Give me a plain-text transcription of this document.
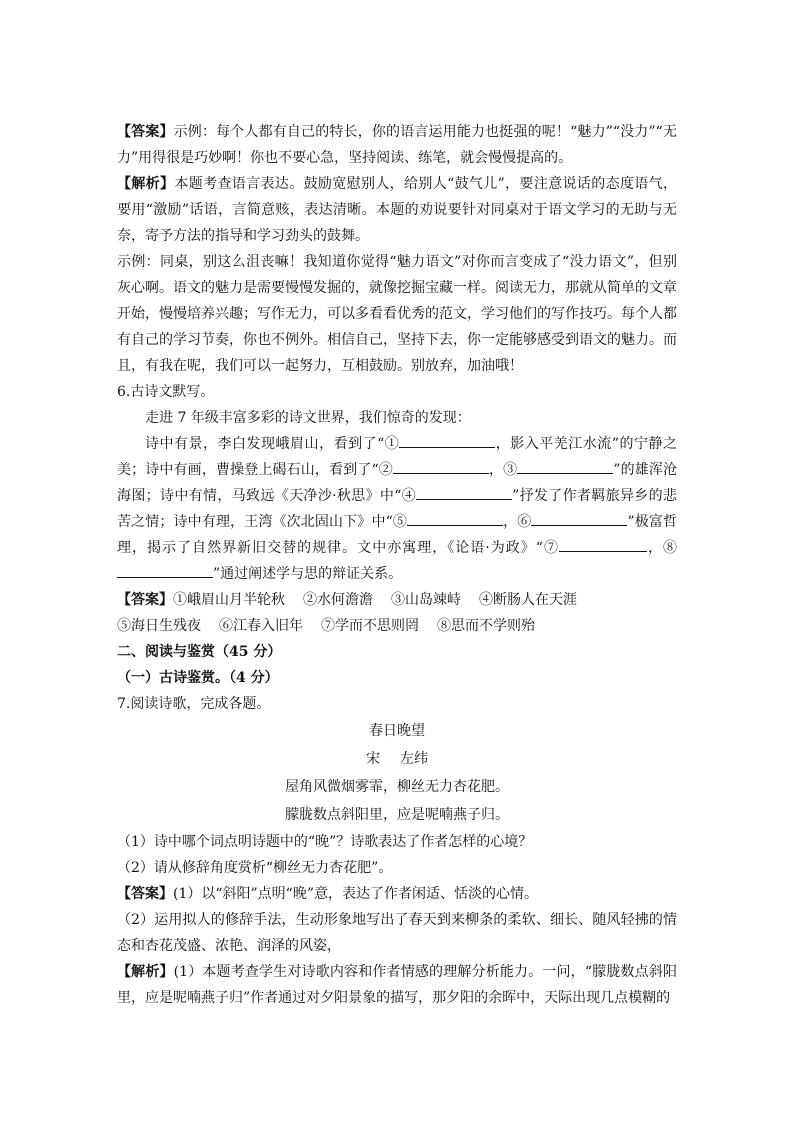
【答案】示例：每个人都有自己的特长，你的语言运用能力也挺强的呢！“魅力”“没力”“无力”用得很是巧妙啊！你也不要心急，坚持阅读、练笔，就会慢慢提高的。

【解析】本题考查语言表达。鼓励宽慰别人，给别人“鼓气儿”，要注意说话的态度语气，要用“激励”话语，言简意赅，表达清晰。本题的劝说要针对同桌对于语文学习的无助与无奈，寄予方法的指导和学习劲头的鼓舞。

示例：同桌，别这么沮丧嘛！我知道你觉得“魅力语文”对你而言变成了“没力语文”，但别灰心啊。语文的魅力是需要慢慢发掘的，就像挖掘宝藏一样。阅读无力，那就从简单的文章开始，慢慢培养兴趣；写作无力，可以多看看优秀的范文，学习他们的写作技巧。每个人都有自己的学习节奏，你也不例外。相信自己，坚持下去，你一定能够感受到语文的魅力。而且，有我在呢，我们可以一起努力，互相鼓励。别放弃，加油哦！

6.古诗文默写。

走进 7 年级丰富多彩的诗文世界，我们惊奇的发现：

诗中有景，李白发现峨眉山，看到了“①	，影入平羌江水流”的宁静之美；诗中有画，曹操登上碣石山，看到了“②	，③	”的雄浑沧海图；诗中有情，马致远《天净沙·秋思》中“④	”抒发了作者羁旅异乡的悲苦之情；诗中有理，王湾《次北固山下》中“⑤	，⑥	”极富哲理，揭示了自然界新旧交替的规律。文中亦寓理，《论语·为政》“⑦	，⑧”通过阐述学与思的辩证关系。

【答案】 ①峨眉山月半轮秋 ②水何澹澹 ③山岛竦峙 ④断肠人在天涯
⑤海日生残夜 ⑥江春入旧年 ⑦学而不思则罔 ⑧思而不学则殆

二、阅读与鉴赏（45 分）

（一）古诗鉴赏。（4 分）

7.阅读诗歌，完成各题。

春日晚望
宋 左纬
屋角风微烟雾霏，柳丝无力杏花肥。
朦胧数点斜阳里，应是呢喃燕子归。

（1）诗中哪个词点明诗题中的“晚”？诗歌表达了作者怎样的心境？

（2）请从修辞角度赏析“柳丝无力杏花肥”。

【答案】(1）以“斜阳”点明“晚”意，表达了作者闲适、恬淡的心情。

（2）运用拟人的修辞手法，生动形象地写出了春天到来柳条的柔软、细长、随风轻拂的情态和杏花茂盛、浓艳、润泽的风姿，

【解析】(1）本题考查学生对诗歌内容和作者情感的理解分析能力。一问，“朦胧数点斜阳里，应是呢喃燕子归”作者通过对夕阳景象的描写，那夕阳的余晖中，天际出现几点模糊的
